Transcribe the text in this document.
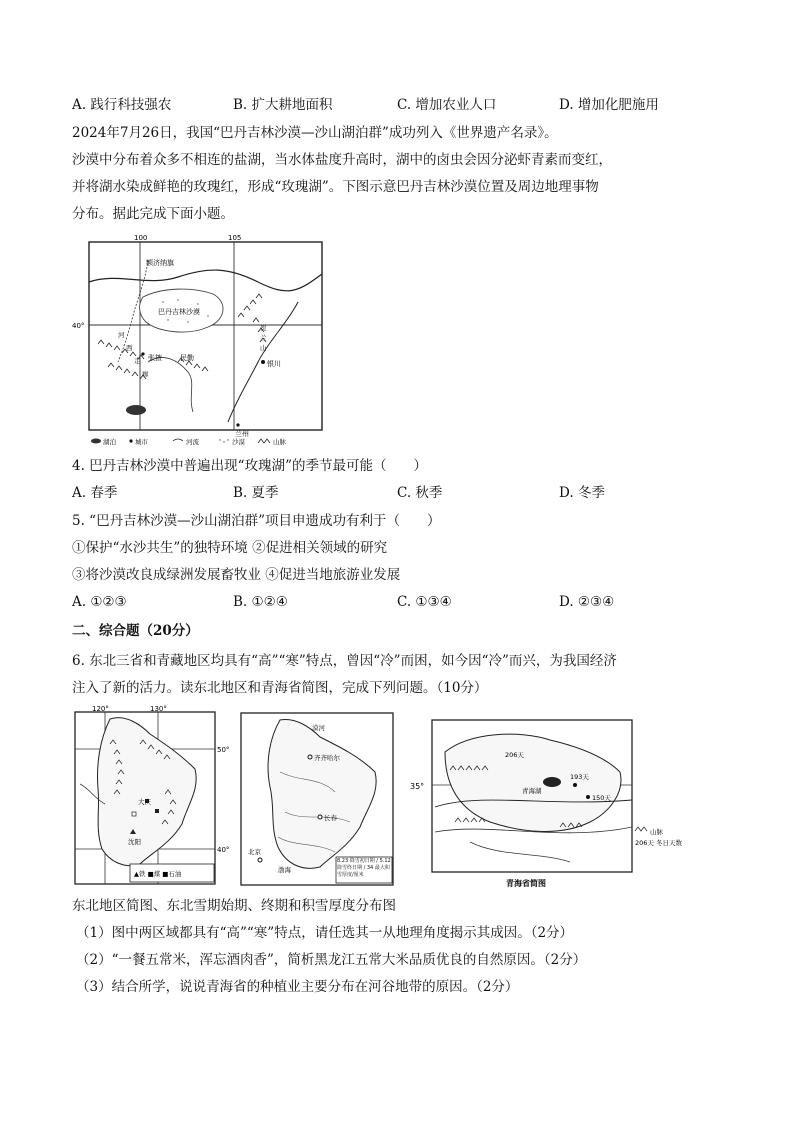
A. 践行科技强农	B. 扩大耕地面积	C. 增加农业人口	D. 增加化肥施用
2024年7月26日，我国“巴丹吉林沙漠—沙山湖泊群”成功列入《世界遗产名录》。
沙漠中分布着众多不相连的盐湖，当水体盐度升高时，湖中的卤虫会因分泌虾青素而变红，
并将湖水染成鲜艳的玫瑰红，形成“玫瑰湖”。下图示意巴丹吉林沙漠位置及周边地理事物
分布。据此完成下面小题。
100	105
40°
额济纳旗
巴丹吉林沙漠
张掖	民勤
银川
兰州
贺
兰
山
河
西
走
廊
湖泊	城市	河流	沙漠	山脉
4. 巴丹吉林沙漠中普遍出现“玫瑰湖”的季节最可能（　　）
A. 春季	B. 夏季	C. 秋季	D. 冬季
5. “巴丹吉林沙漠—沙山湖泊群”项目申遗成功有利于（　　）
①保护“水沙共生”的独特环境 ②促进相关领域的研究
③将沙漠改良成绿洲发展畜牧业 ④促进当地旅游业发展
A. ①②③	B. ①②④	C. ①③④	D. ②③④
二、综合题（20分）
6. 东北三省和青藏地区均具有“高”“寒”特点，曾因“冷”而困，如今因“冷”而兴，为我国经济
注入了新的活力。读东北地区和青海省简图，完成下列问题。（10分）
120°	130°
50°
40°
大庆
沈阳
▲铁 ■煤 ■石油
漠河
齐齐哈尔
长春
北京
渤海
8.23 降雪初日期 / 5.12 降雪终日期 / 34 最大积雪厚度/厘米
35°
206天
193天
青海湖
150天
山脉
206天 冬日天数
青海省简图
东北地区简图、东北雪期始期、终期和积雪厚度分布图
（1）图中两区域都具有“高”“寒”特点，请任选其一从地理角度揭示其成因。（2分）
（2）“一餐五常米，浑忘酒肉香”，简析黑龙江五常大米品质优良的自然原因。（2分）
（3）结合所学，说说青海省的种植业主要分布在河谷地带的原因。（2分）
